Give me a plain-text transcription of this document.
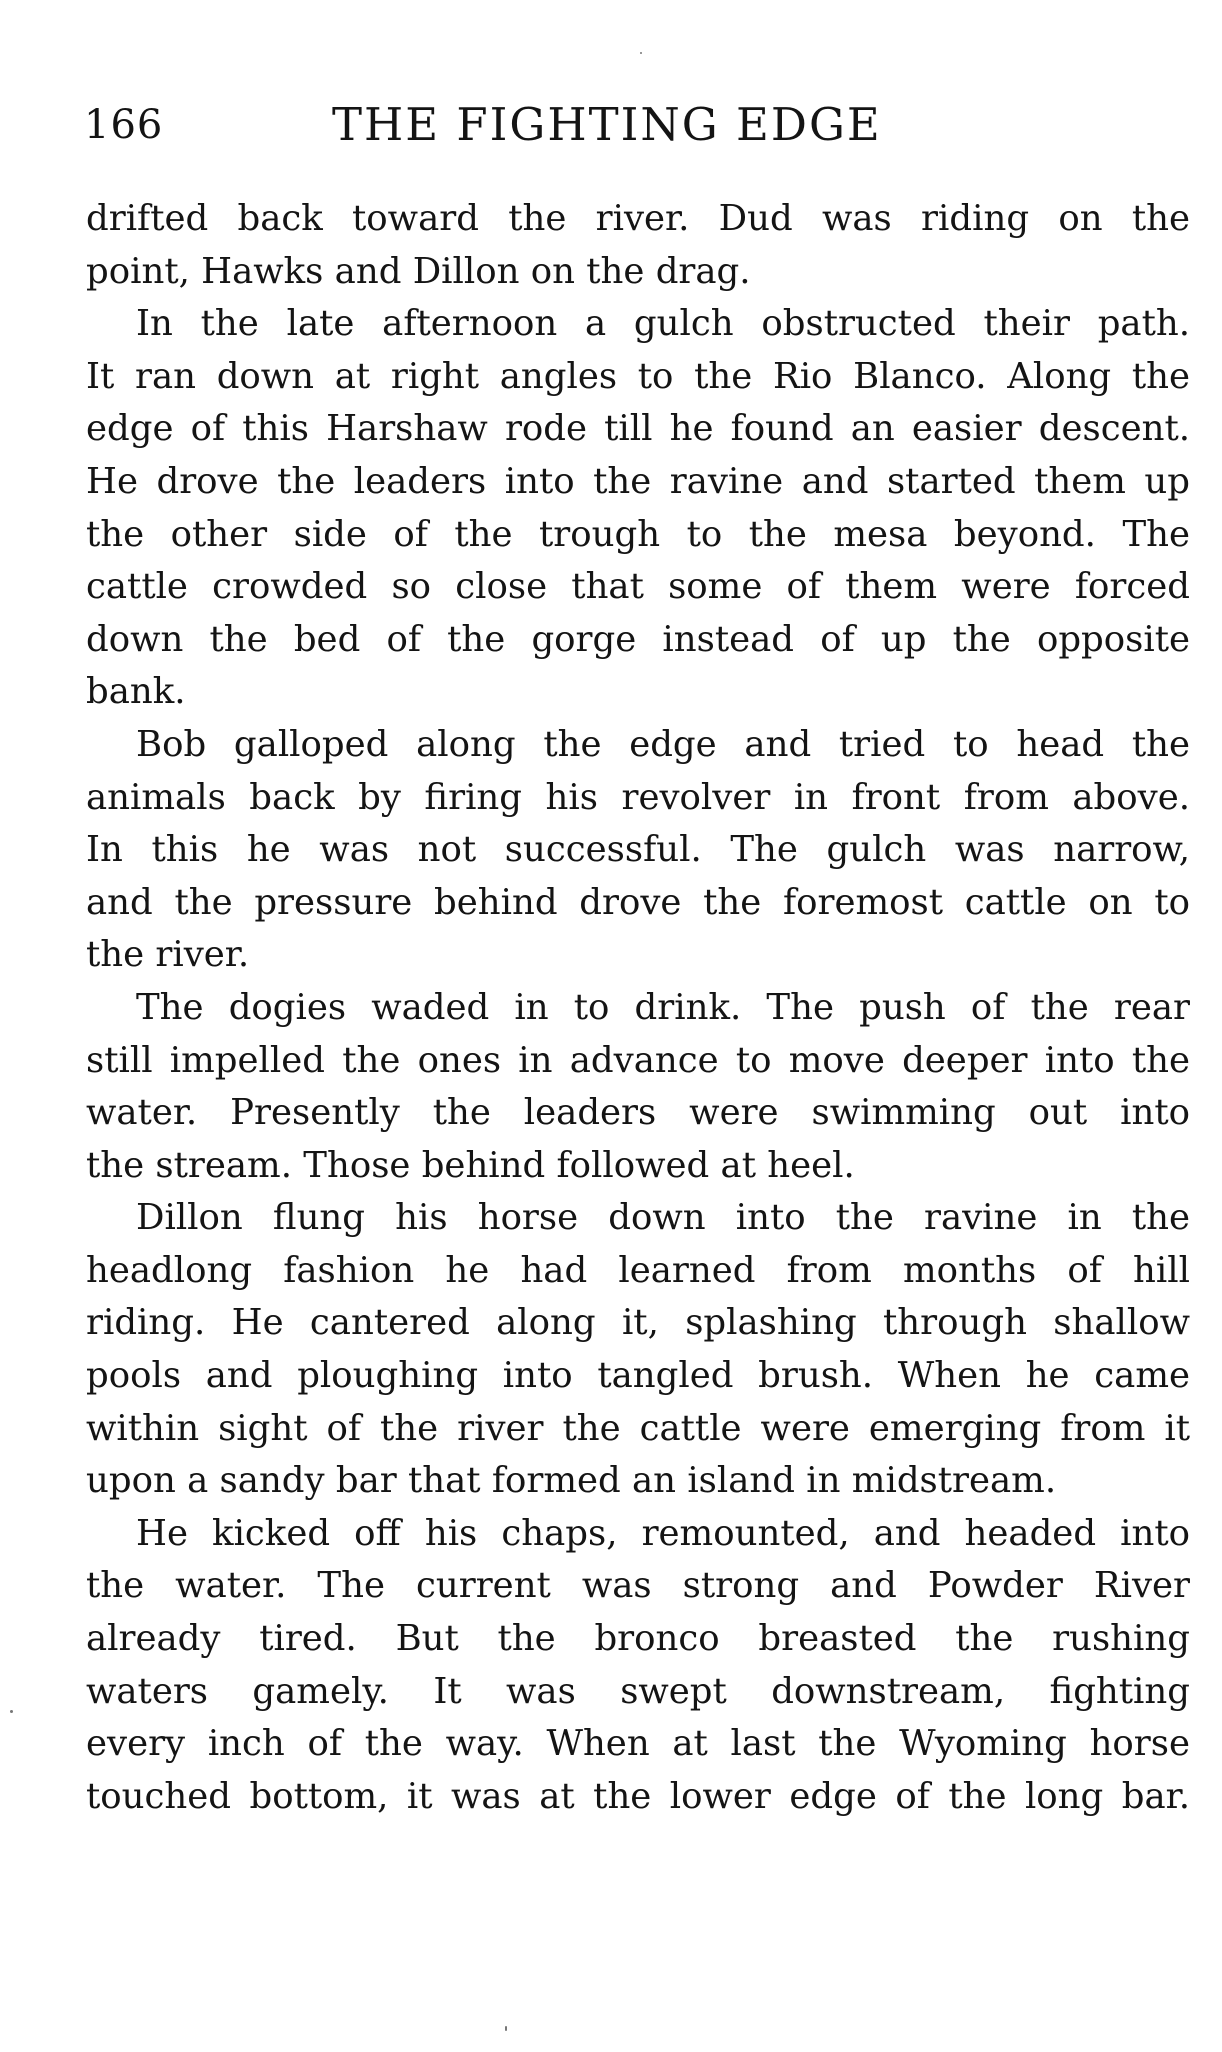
166	THE FIGHTING EDGE
drifted back toward the river. Dud was riding on the
point, Hawks and Dillon on the drag.
In the late afternoon a gulch obstructed their path.
It ran down at right angles to the Rio Blanco. Along the
edge of this Harshaw rode till he found an easier descent.
He drove the leaders into the ravine and started them up
the other side of the trough to the mesa beyond. The
cattle crowded so close that some of them were forced
down the bed of the gorge instead of up the opposite
bank.
Bob galloped along the edge and tried to head the
animals back by firing his revolver in front from above.
In this he was not successful. The gulch was narrow,
and the pressure behind drove the foremost cattle on to
the river.
The dogies waded in to drink. The push of the rear
still impelled the ones in advance to move deeper into the
water. Presently the leaders were swimming out into
the stream. Those behind followed at heel.
Dillon flung his horse down into the ravine in the
headlong fashion he had learned from months of hill
riding. He cantered along it, splashing through shallow
pools and ploughing into tangled brush. When he came
within sight of the river the cattle were emerging from it
upon a sandy bar that formed an island in midstream.
He kicked off his chaps, remounted, and headed into
the water. The current was strong and Powder River
already tired. But the bronco breasted the rushing
waters gamely. It was swept downstream, fighting
every inch of the way. When at last the Wyoming horse
touched bottom, it was at the lower edge of the long bar.
